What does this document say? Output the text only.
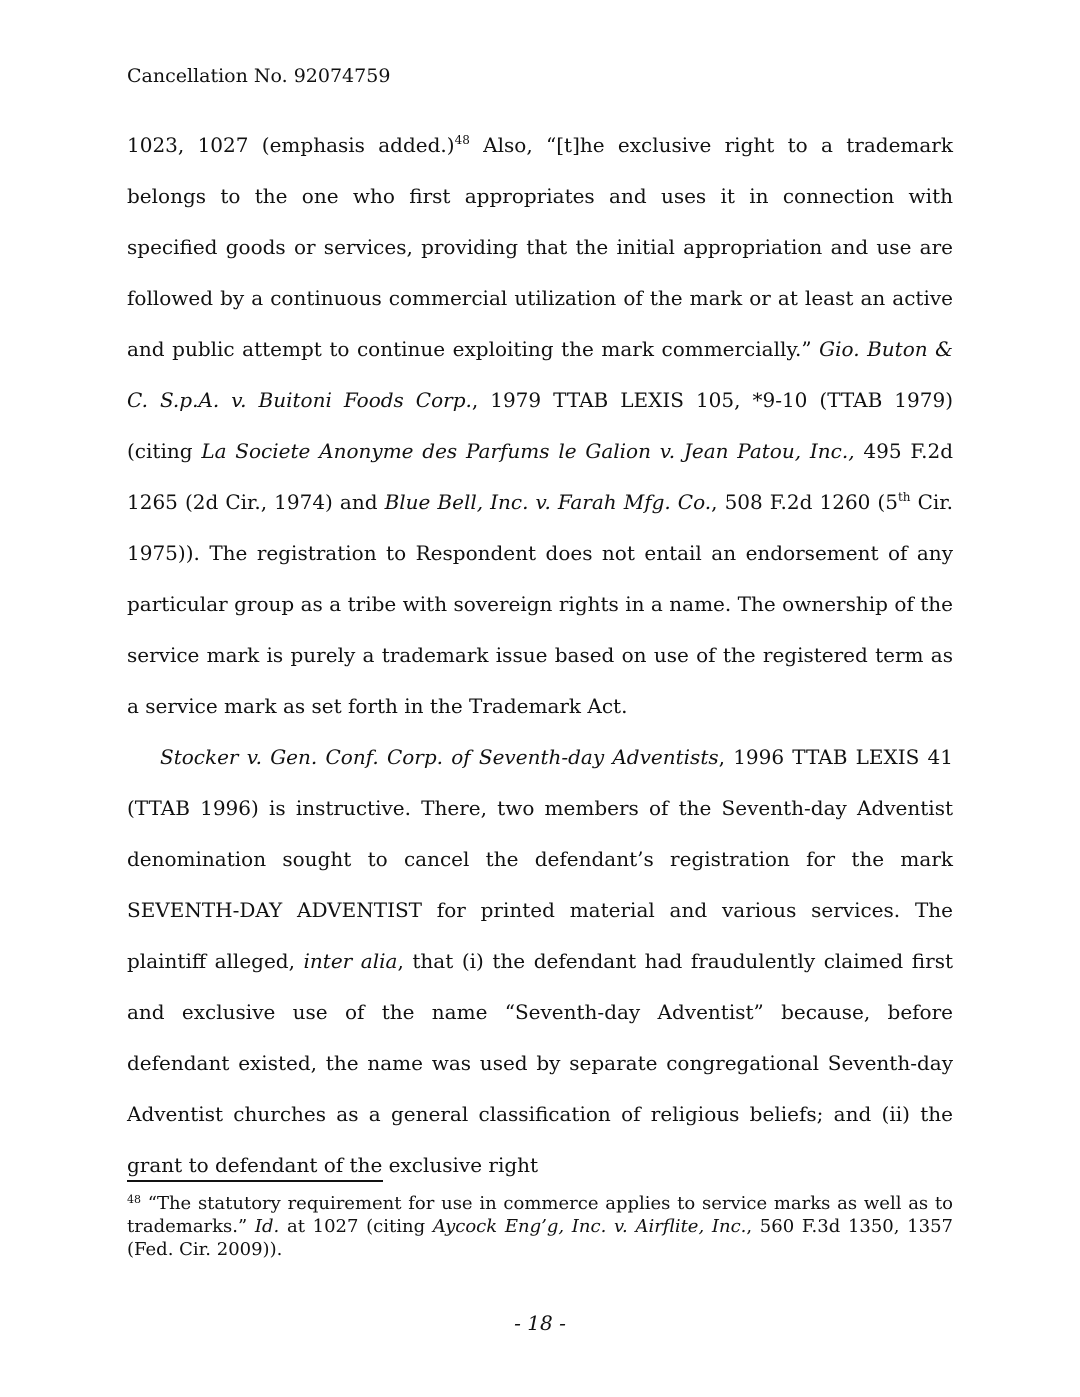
Cancellation No. 92074759

1023, 1027 (emphasis added.)$^{48}$ Also, “[t]he exclusive right to a trademark belongs to the one who first appropriates and uses it in connection with specified goods or services, providing that the initial appropriation and use are followed by a continuous commercial utilization of the mark or at least an active and public attempt to continue exploiting the mark commercially.” Gio. Buton & C. S.p.A. v. Buitoni Foods Corp., 1979 TTAB LEXIS 105, *9-10 (TTAB 1979) (citing La Societe Anonyme des Parfums le Galion v. Jean Patou, Inc., 495 F.2d 1265 (2d Cir., 1974) and Blue Bell, Inc. v. Farah Mfg. Co., 508 F.2d 1260 (5th Cir. 1975)). The registration to Respondent does not entail an endorsement of any particular group as a tribe with sovereign rights in a name. The ownership of the service mark is purely a trademark issue based on use of the registered term as a service mark as set forth in the Trademark Act.

Stocker v. Gen. Conf. Corp. of Seventh-day Adventists, 1996 TTAB LEXIS 41 (TTAB 1996) is instructive. There, two members of the Seventh-day Adventist denomination sought to cancel the defendant’s registration for the mark SEVENTH-DAY ADVENTIST for printed material and various services. The plaintiff alleged, inter alia, that (i) the defendant had fraudulently claimed first and exclusive use of the name “Seventh-day Adventist” because, before defendant existed, the name was used by separate congregational Seventh-day Adventist churches as a general classification of religious beliefs; and (ii) the grant to defendant of the exclusive right

$^{48}$ “The statutory requirement for use in commerce applies to service marks as well as to trademarks.” Id. at 1027 (citing Aycock Eng’g, Inc. v. Airflite, Inc., 560 F.3d 1350, 1357 (Fed. Cir. 2009)).

- 18 -
